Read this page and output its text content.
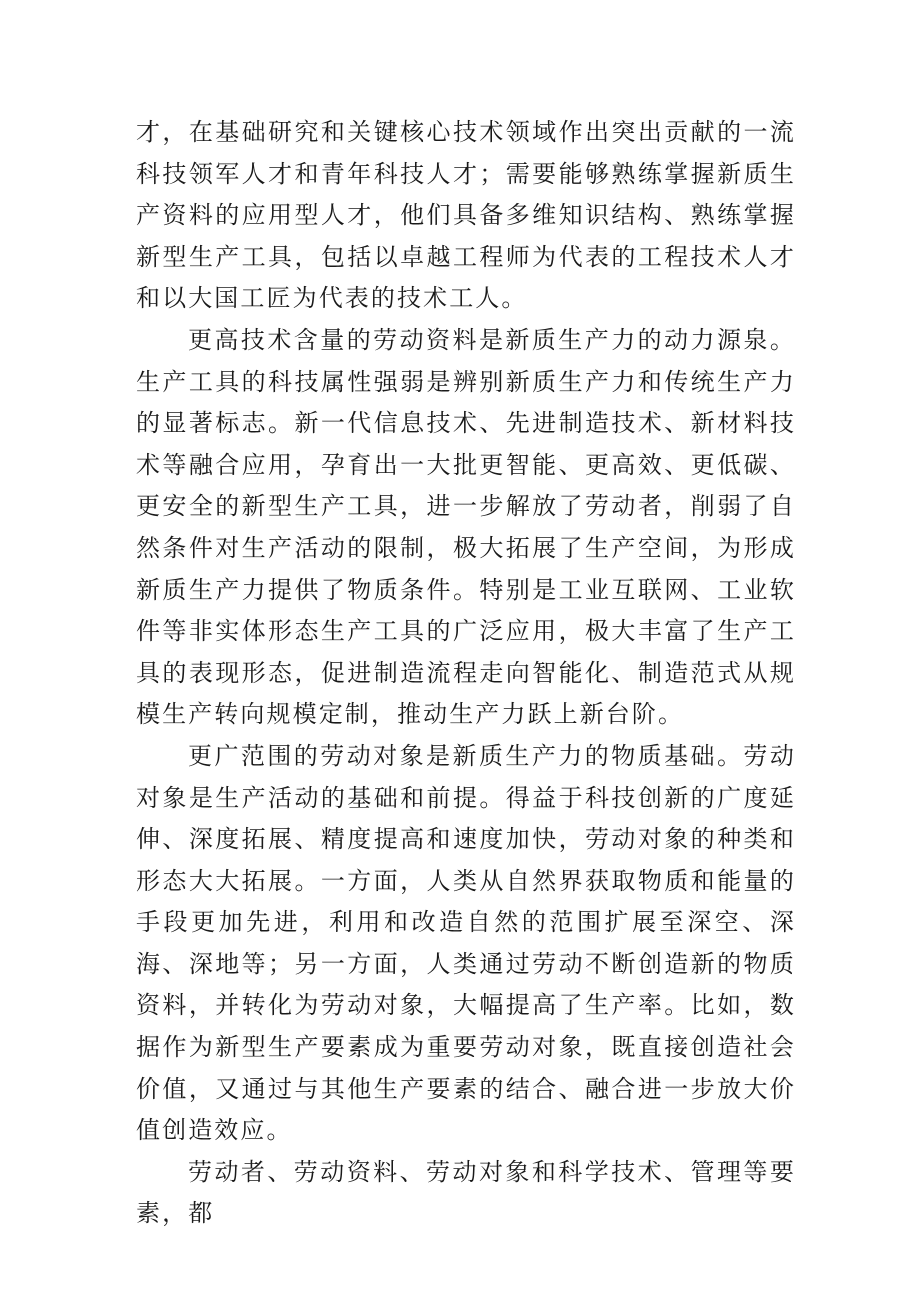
才，在基础研究和关键核心技术领域作出突出贡献的一流科技领军人才和青年科技人才；需要能够熟练掌握新质生产资料的应用型人才，他们具备多维知识结构、熟练掌握新型生产工具，包括以卓越工程师为代表的工程技术人才和以大国工匠为代表的技术工人。

更高技术含量的劳动资料是新质生产力的动力源泉。生产工具的科技属性强弱是辨别新质生产力和传统生产力的显著标志。新一代信息技术、先进制造技术、新材料技术等融合应用，孕育出一大批更智能、更高效、更低碳、更安全的新型生产工具，进一步解放了劳动者，削弱了自然条件对生产活动的限制，极大拓展了生产空间，为形成新质生产力提供了物质条件。特别是工业互联网、工业软件等非实体形态生产工具的广泛应用，极大丰富了生产工具的表现形态，促进制造流程走向智能化、制造范式从规模生产转向规模定制，推动生产力跃上新台阶。

更广范围的劳动对象是新质生产力的物质基础。劳动对象是生产活动的基础和前提。得益于科技创新的广度延伸、深度拓展、精度提高和速度加快，劳动对象的种类和形态大大拓展。一方面，人类从自然界获取物质和能量的手段更加先进，利用和改造自然的范围扩展至深空、深海、深地等；另一方面，人类通过劳动不断创造新的物质资料，并转化为劳动对象，大幅提高了生产率。比如，数据作为新型生产要素成为重要劳动对象，既直接创造社会价值，又通过与其他生产要素的结合、融合进一步放大价值创造效应。

劳动者、劳动资料、劳动对象和科学技术、管理等要素，都
